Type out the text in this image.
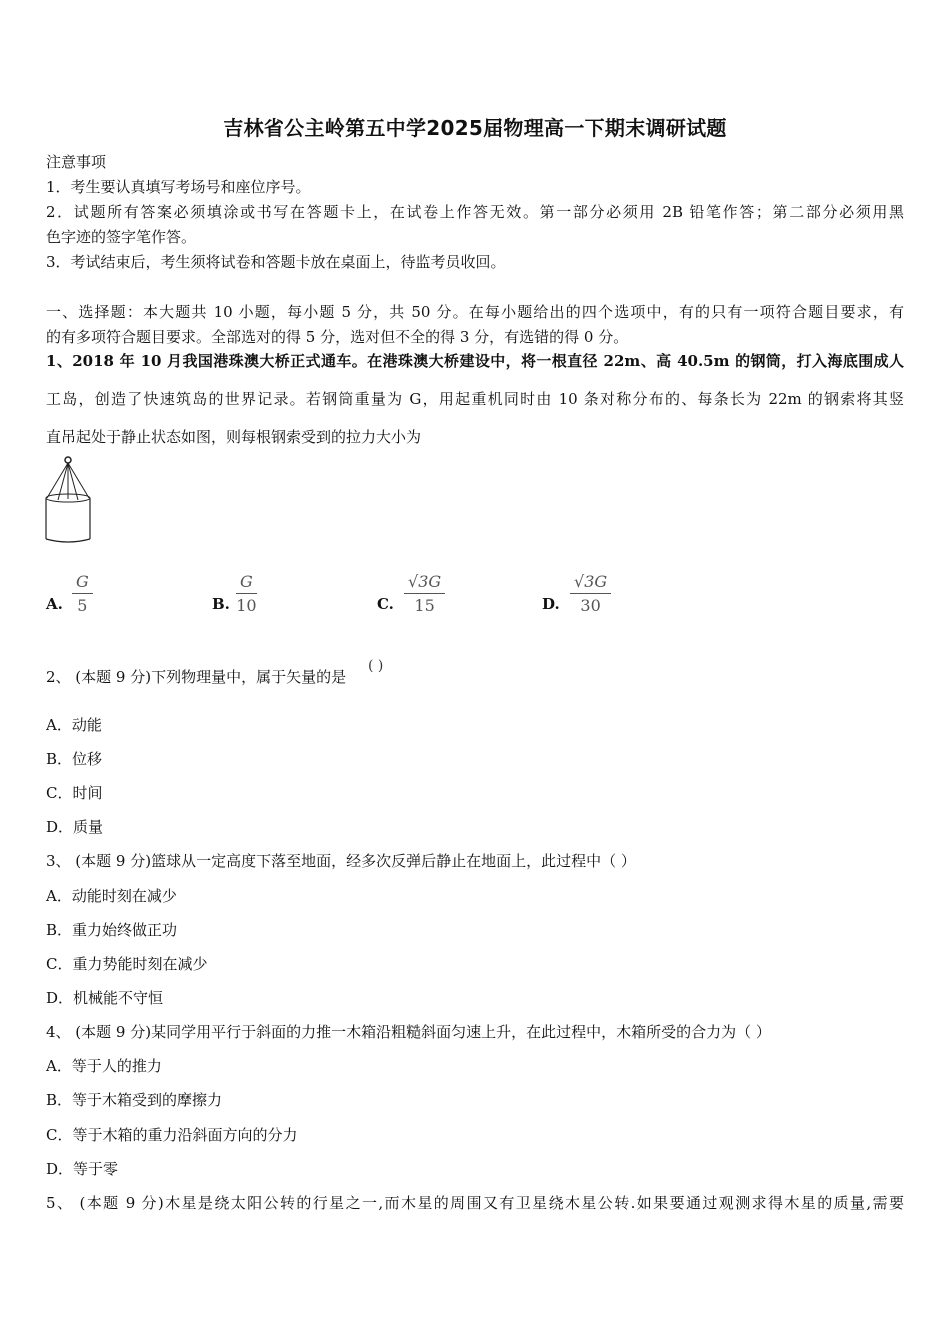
吉林省公主岭第五中学2025届物理高一下期末调研试题
注意事项
1．考生要认真填写考场号和座位序号。
2．试题所有答案必须填涂或书写在答题卡上，在试卷上作答无效。第一部分必须用 2B 铅笔作答；第二部分必须用黑
色字迹的签字笔作答。
3．考试结束后，考生须将试卷和答题卡放在桌面上，待监考员收回。
一、选择题：本大题共 10 小题，每小题 5 分，共 50 分。在每小题给出的四个选项中，有的只有一项符合题目要求，有
的有多项符合题目要求。全部选对的得 5 分，选对但不全的得 3 分，有选错的得 0 分。
1、2018 年 10 月我国港珠澳大桥正式通车。在港珠澳大桥建设中，将一根直径 22m、高 40.5m 的钢筒，打入海底围成人
工岛，创造了快速筑岛的世界记录。若钢筒重量为 G，用起重机同时由 10 条对称分布的、每条长为 22m 的钢索将其竖
直吊起处于静止状态如图，则每根钢索受到的拉力大小为
A. $\frac{G}{5}$	B. $\frac{G}{10}$	C. $\frac{√3G}{15}$	D. $\frac{√3G}{30}$
2、 (本题 9 分)下列物理量中，属于矢量的是
( )
A．动能
B．位移
C．时间
D．质量
3、 (本题 9 分)篮球从一定高度下落至地面，经多次反弹后静止在地面上，此过程中（ ）
A．动能时刻在减少
B．重力始终做正功
C．重力势能时刻在减少
D．机械能不守恒
4、 (本题 9 分)某同学用平行于斜面的力推一木箱沿粗糙斜面匀速上升，在此过程中，木箱所受的合力为（ ）
A．等于人的推力
B．等于木箱受到的摩擦力
C．等于木箱的重力沿斜面方向的分力
D．等于零
5、 (本题 9 分)木星是绕太阳公转的行星之一,而木星的周围又有卫星绕木星公转.如果要通过观测求得木星的质量,需要
